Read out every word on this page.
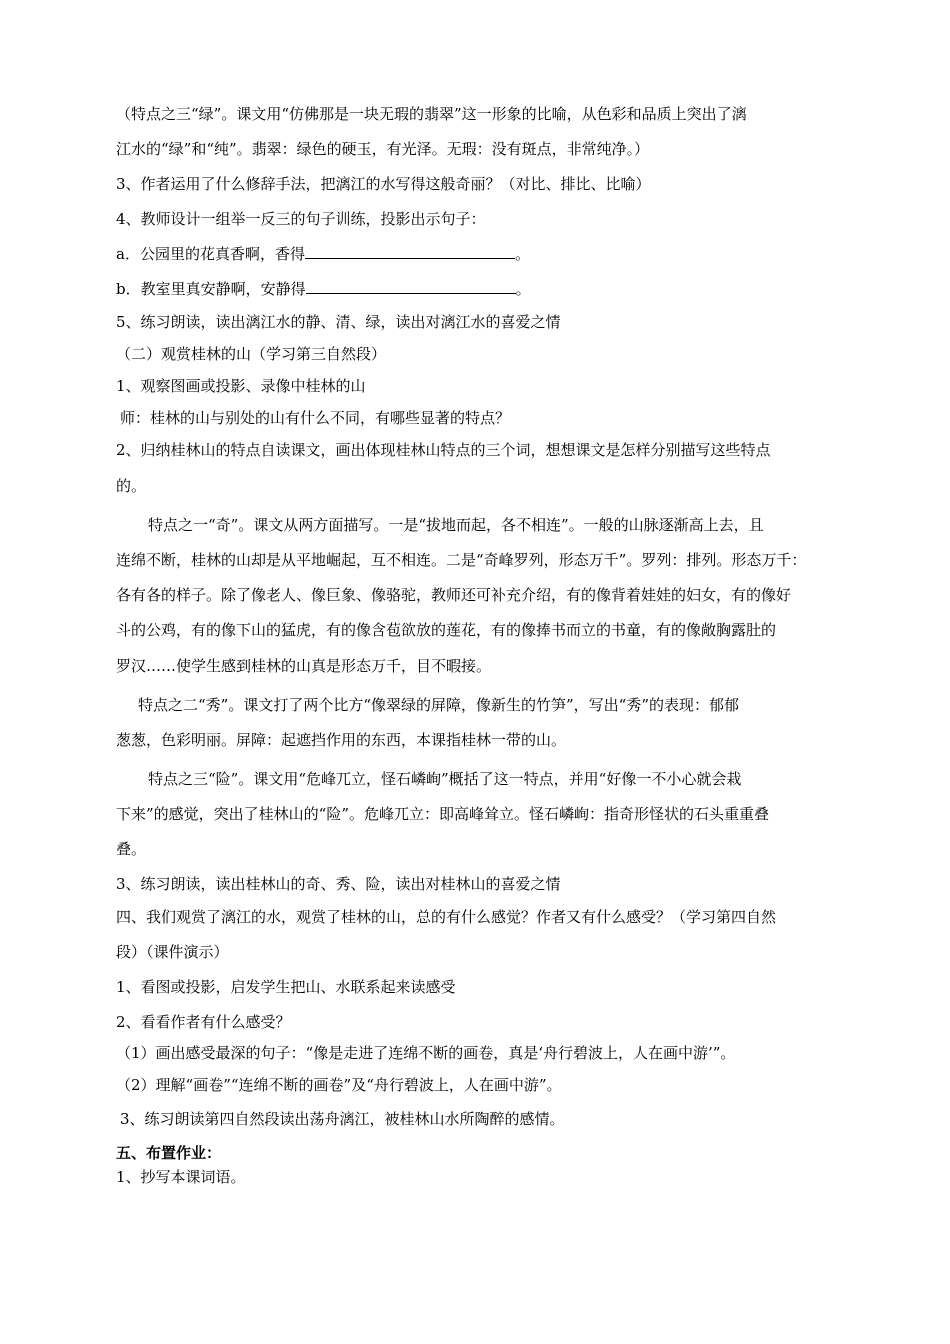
（特点之三“绿”。课文用“仿佛那是一块无瑕的翡翠”这一形象的比喻，从色彩和品质上突出了漓
江水的“绿”和“纯”。翡翠：绿色的硬玉，有光泽。无瑕：没有斑点，非常纯净。）
3、作者运用了什么修辞手法，把漓江的水写得这般奇丽？（对比、排比、比喻）
4、教师设计一组举一反三的句子训练，投影出示句子：
a．公园里的花真香啊，香得	。
b．教室里真安静啊，安静得	。
5、练习朗读，读出漓江水的静、清、绿，读出对漓江水的喜爱之情
（二）观赏桂林的山（学习第三自然段）
1、观察图画或投影、录像中桂林的山
师：桂林的山与别处的山有什么不同，有哪些显著的特点？
2、归纳桂林山的特点自读课文，画出体现桂林山特点的三个词，想想课文是怎样分别描写这些特点
的。
特点之一“奇”。课文从两方面描写。一是“拔地而起，各不相连”。一般的山脉逐渐高上去，且
连绵不断，桂林的山却是从平地崛起，互不相连。二是“奇峰罗列，形态万千”。罗列：排列。形态万千：
各有各的样子。除了像老人、像巨象、像骆驼，教师还可补充介绍，有的像背着娃娃的妇女，有的像好
斗的公鸡，有的像下山的猛虎，有的像含苞欲放的莲花，有的像捧书而立的书童，有的像敞胸露肚的
罗汉……使学生感到桂林的山真是形态万千，目不暇接。
特点之二“秀”。课文打了两个比方“像翠绿的屏障，像新生的竹笋”，写出“秀”的表现：郁郁
葱葱，色彩明丽。屏障：起遮挡作用的东西，本课指桂林一带的山。
特点之三“险”。课文用“危峰兀立，怪石嶙峋”概括了这一特点，并用“好像一不小心就会栽
下来”的感觉，突出了桂林山的“险”。危峰兀立：即高峰耸立。怪石嶙峋：指奇形怪状的石头重重叠
叠。
3、练习朗读，读出桂林山的奇、秀、险，读出对桂林山的喜爱之情
四、我们观赏了漓江的水，观赏了桂林的山，总的有什么感觉？作者又有什么感受？（学习第四自然
段）（课件演示）
1、看图或投影，启发学生把山、水联系起来读感受
2、看看作者有什么感受？
（1）画出感受最深的句子：“像是走进了连绵不断的画卷，真是‘舟行碧波上，人在画中游’”。
（2）理解“画卷”“连绵不断的画卷”及“舟行碧波上，人在画中游”。
3、练习朗读第四自然段读出荡舟漓江，被桂林山水所陶醉的感情。
五、布置作业：
1、抄写本课词语。
